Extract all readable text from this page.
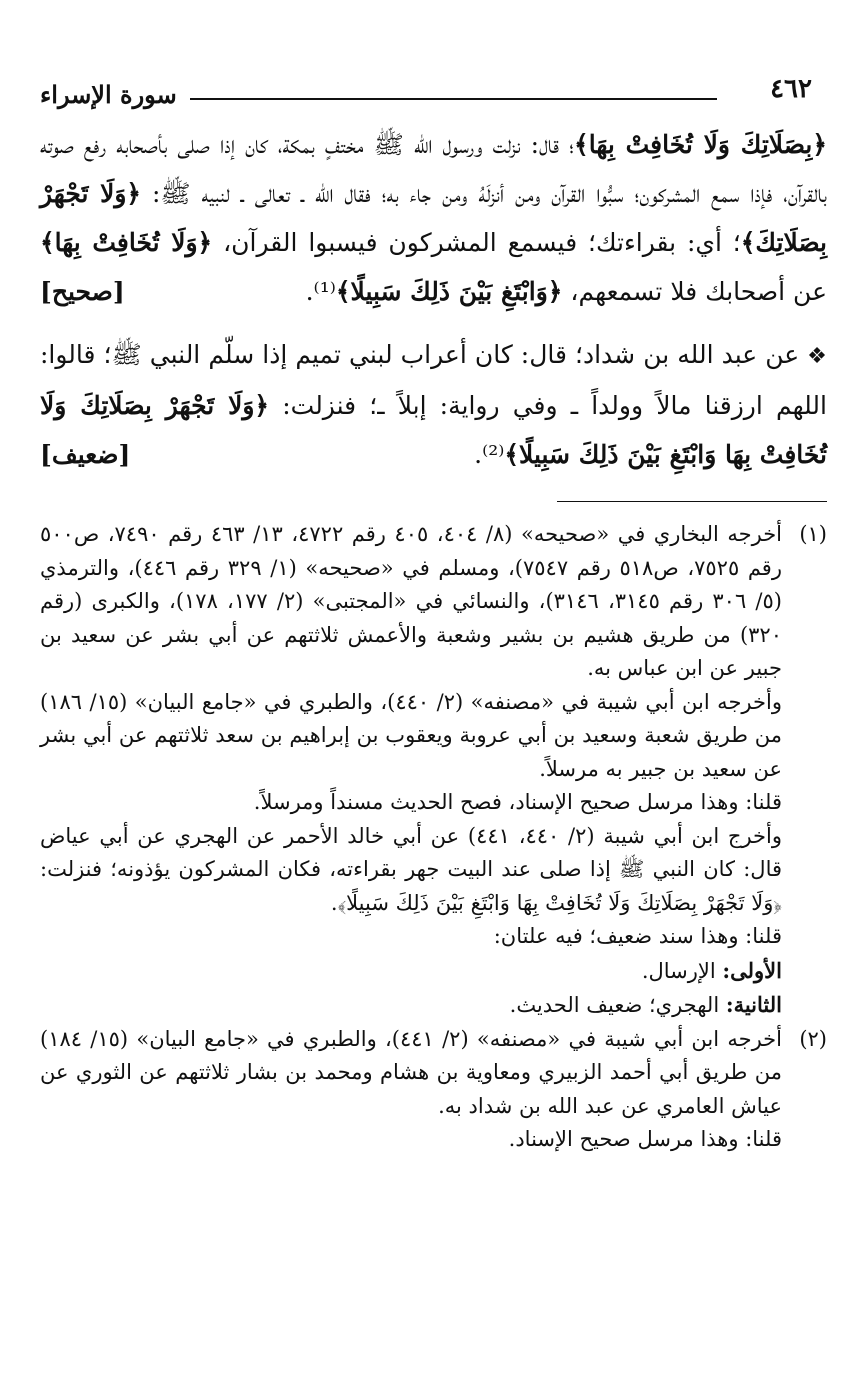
٤٦٢
سورة الإسراء

﴿بِصَلَاتِكَ وَلَا تُخَافِتْ بِهَا﴾؛ قال: نزلت ورسول الله ﷺ مختفٍ بمكة، كان إذا صلى بأصحابه رفع صوته بالقرآن، فإذا سمع المشركون؛ سبُّوا القرآن ومن أنزلَهُ ومن جاء به؛ فقال الله ـ تعالى ـ لنبيه ﷺ: ﴿وَلَا تَجْهَرْ بِصَلَاتِكَ﴾؛ أي: بقراءتك؛ فيسمع المشركون فيسبوا القرآن، ﴿وَلَا تُخَافِتْ بِهَا﴾ عن أصحابك فلا تسمعهم، ﴿وَابْتَغِ بَيْنَ ذَلِكَ سَبِيلًا﴾⁽¹⁾.
[صحيح]

❖ عن عبد الله بن شداد؛ قال: كان أعراب لبني تميم إذا سلّم النبي ﷺ؛ قالوا: اللهم ارزقنا مالاً وولداً ـ وفي رواية: إبلاً ـ؛ فنزلت: ﴿وَلَا تَجْهَرْ بِصَلَاتِكَ وَلَا تُخَافِتْ بِهَا وَابْتَغِ بَيْنَ ذَلِكَ سَبِيلًا﴾⁽²⁾.
[ضعيف]

(١)

أخرجه البخاري في «صحيحه» (٨/ ٤٠٤، ٤٠٥ رقم ٤٧٢٢، ١٣/ ٤٦٣ رقم ٧٤٩٠، ص٥٠٠ رقم ٧٥٢٥، ص٥١٨ رقم ٧٥٤٧)، ومسلم في «صحيحه» (١/ ٣٢٩ رقم ٤٤٦)، والترمذي (٥/ ٣٠٦ رقم ٣١٤٥، ٣١٤٦)، والنسائي في «المجتبى» (٢/ ١٧٧، ١٧٨)، والكبرى (رقم ٣٢٠) من طريق هشيم بن بشير وشعبة والأعمش ثلاثتهم عن أبي بشر عن سعيد بن جبير عن ابن عباس به.

وأخرجه ابن أبي شيبة في «مصنفه» (٢/ ٤٤٠)، والطبري في «جامع البيان» (١٥/ ١٨٦) من طريق شعبة وسعيد بن أبي عروبة ويعقوب بن إبراهيم بن سعد ثلاثتهم عن أبي بشر عن سعيد بن جبير به مرسلاً.

قلنا: وهذا مرسل صحيح الإسناد، فصح الحديث مسنداً ومرسلاً.

وأخرج ابن أبي شيبة (٢/ ٤٤٠، ٤٤١) عن أبي خالد الأحمر عن الهجري عن أبي عياض قال: كان النبي ﷺ إذا صلى عند البيت جهر بقراءته، فكان المشركون يؤذونه؛ فنزلت: ﴿وَلَا تَجْهَرْ بِصَلَاتِكَ وَلَا تُخَافِتْ بِهَا وَابْتَغِ بَيْنَ ذَلِكَ سَبِيلًا﴾.

قلنا: وهذا سند ضعيف؛ فيه علتان:

الأولى: الإرسال.

الثانية: الهجري؛ ضعيف الحديث.

(٢)

أخرجه ابن أبي شيبة في «مصنفه» (٢/ ٤٤١)، والطبري في «جامع البيان» (١٥/ ١٨٤) من طريق أبي أحمد الزبيري ومعاوية بن هشام ومحمد بن بشار ثلاثتهم عن الثوري عن عياش العامري عن عبد الله بن شداد به.

قلنا: وهذا مرسل صحيح الإسناد.
